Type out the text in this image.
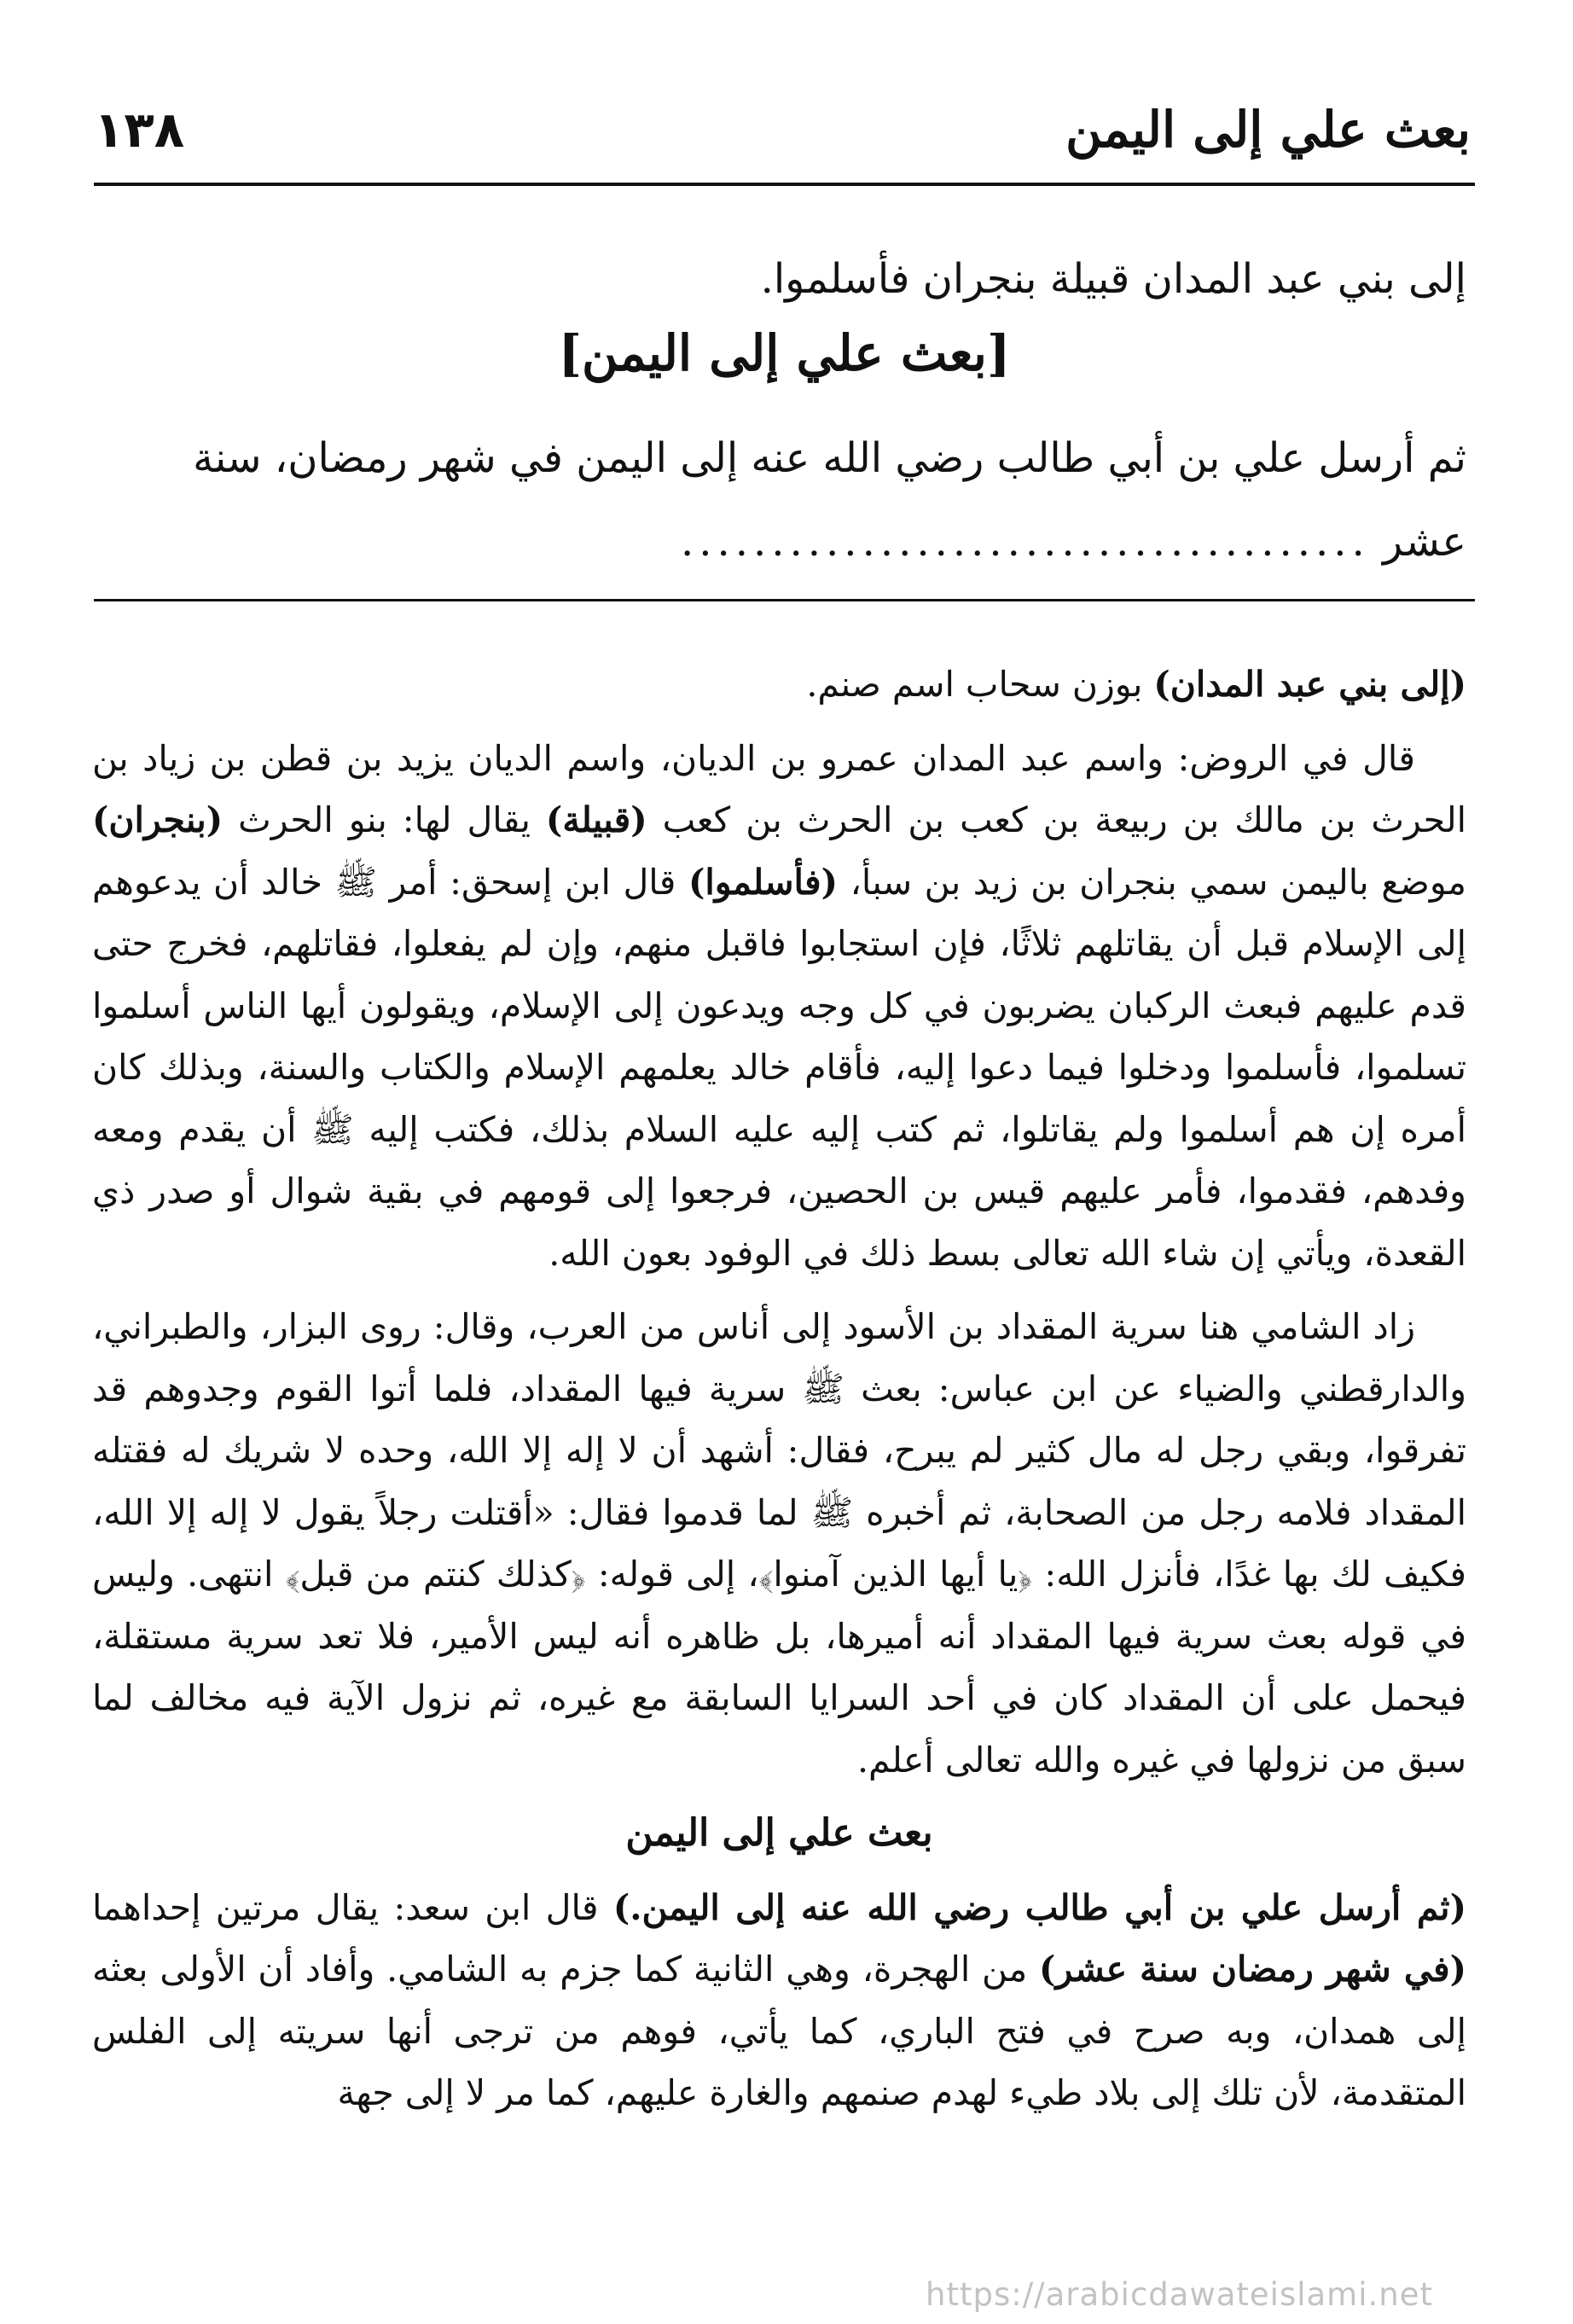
١٣٨	بعث علي إلى اليمن
إلى بني عبد المدان قبيلة بنجران فأسلموا.
[بعث علي إلى اليمن]
ثم أرسل علي بن أبي طالب رضي الله عنه إلى اليمن في شهر رمضان، سنة
عشر ......................................

(إلى بني عبد المدان) بوزن سحاب اسم صنم.

قال في الروض: واسم عبد المدان عمرو بن الديان، واسم الديان يزيد بن قطن بن زياد بن الحرث بن مالك بن ربيعة بن كعب بن الحرث بن كعب (قبيلة) يقال لها: بنو الحرث (بنجران) موضع باليمن سمي بنجران بن زيد بن سبأ، (فأسلموا) قال ابن إسحق: أمر ﷺ خالد أن يدعوهم إلى الإسلام قبل أن يقاتلهم ثلاثًا، فإن استجابوا فاقبل منهم، وإن لم يفعلوا، فقاتلهم، فخرج حتى قدم عليهم فبعث الركبان يضربون في كل وجه ويدعون إلى الإسلام، ويقولون أيها الناس أسلموا تسلموا، فأسلموا ودخلوا فيما دعوا إليه، فأقام خالد يعلمهم الإسلام والكتاب والسنة، وبذلك كان أمره إن هم أسلموا ولم يقاتلوا، ثم كتب إليه عليه السلام بذلك، فكتب إليه ﷺ أن يقدم ومعه وفدهم، فقدموا، فأمر عليهم قيس بن الحصين، فرجعوا إلى قومهم في بقية شوال أو صدر ذي القعدة، ويأتي إن شاء الله تعالى بسط ذلك في الوفود بعون الله.

زاد الشامي هنا سرية المقداد بن الأسود إلى أناس من العرب، وقال: روى البزار، والطبراني، والدارقطني والضياء عن ابن عباس: بعث ﷺ سرية فيها المقداد، فلما أتوا القوم وجدوهم قد تفرقوا، وبقي رجل له مال كثير لم يبرح، فقال: أشهد أن لا إله إلا الله، وحده لا شريك له فقتله المقداد فلامه رجل من الصحابة، ثم أخبره ﷺ لما قدموا فقال: «أقتلت رجلاً يقول لا إله إلا الله، فكيف لك بها غدًا، فأنزل الله: ﴿يا أيها الذين آمنوا﴾، إلى قوله: ﴿كذلك كنتم من قبل﴾ انتهى. وليس في قوله بعث سرية فيها المقداد أنه أميرها، بل ظاهره أنه ليس الأمير، فلا تعد سرية مستقلة، فيحمل على أن المقداد كان في أحد السرايا السابقة مع غيره، ثم نزول الآية فيه مخالف لما سبق من نزولها في غيره والله تعالى أعلم.

بعث علي إلى اليمن

(ثم أرسل علي بن أبي طالب رضي الله عنه إلى اليمن.) قال ابن سعد: يقال مرتين إحداهما (في شهر رمضان سنة عشر) من الهجرة، وهي الثانية كما جزم به الشامي. وأفاد أن الأولى بعثه إلى همدان، وبه صرح في فتح الباري، كما يأتي، فوهم من ترجى أنها سريته إلى الفلس المتقدمة، لأن تلك إلى بلاد طيء لهدم صنمهم والغارة عليهم، كما مر لا إلى جهة

https://arabicdawateislami.net
